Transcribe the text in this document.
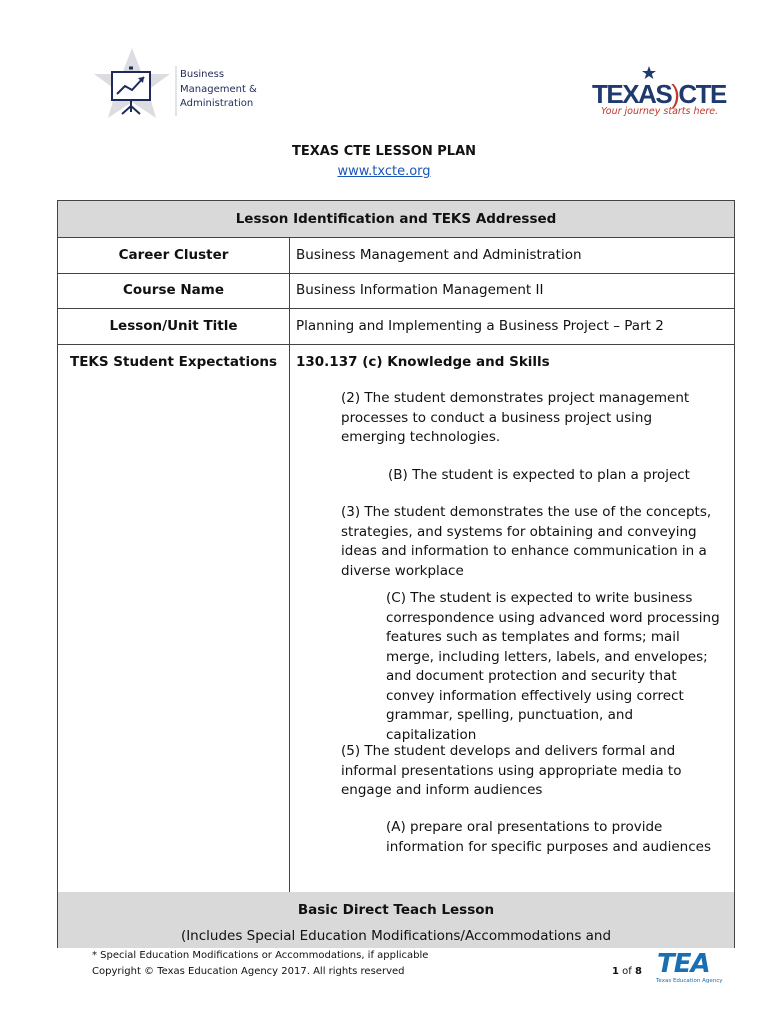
Business
Management &
Administration	TEXAS)CTE
Your journey starts here.
TEXAS CTE LESSON PLAN
www.txcte.org
Lesson Identification and TEKS Addressed
Career Cluster	Business Management and Administration
Course Name	Business Information Management II
Lesson/Unit Title	Planning and Implementing a Business Project – Part 2
TEKS Student Expectations	130.137 (c) Knowledge and Skills
(2) The student demonstrates project management processes to conduct a business project using emerging technologies.
(B) The student is expected to plan a project
(3) The student demonstrates the use of the concepts, strategies, and systems for obtaining and conveying ideas and information to enhance communication in a diverse workplace
(C) The student is expected to write business correspondence using advanced word processing features such as templates and forms; mail merge, including letters, labels, and envelopes; and document protection and security that convey information effectively using correct grammar, spelling, punctuation, and capitalization
(5) The student develops and delivers formal and informal presentations using appropriate media to engage and inform audiences
(A) prepare oral presentations to provide information for specific purposes and audiences
Basic Direct Teach Lesson
(Includes Special Education Modifications/Accommodations and
* Special Education Modifications or Accommodations, if applicable
Copyright © Texas Education Agency 2017. All rights reserved	1 of 8 TEA
Texas Education Agency
